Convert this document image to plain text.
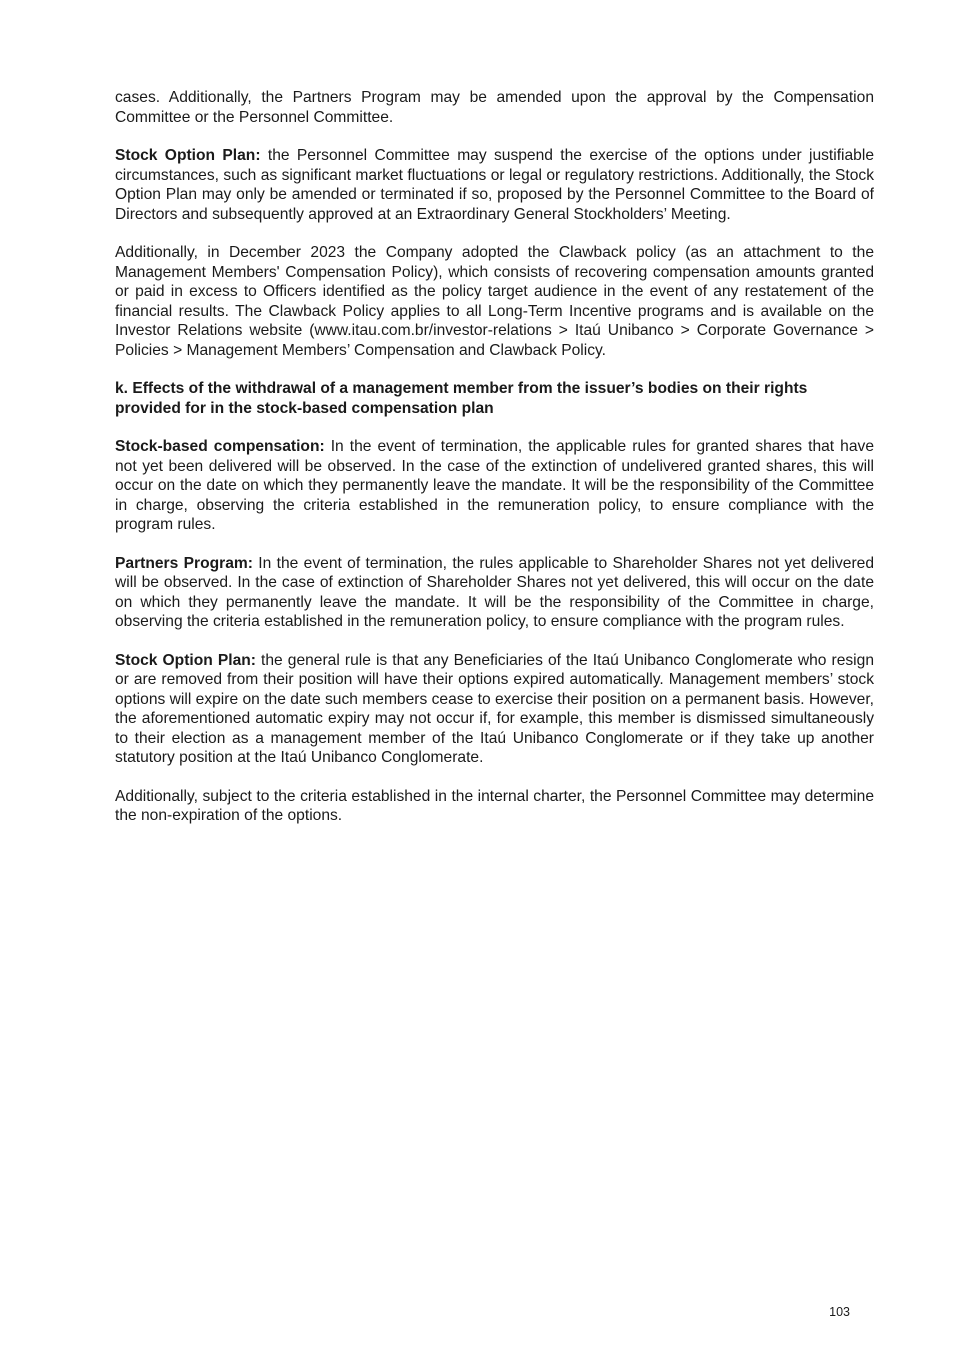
cases. Additionally, the Partners Program may be amended upon the approval by the Compensation Committee or the Personnel Committee.

Stock Option Plan: the Personnel Committee may suspend the exercise of the options under justifiable circumstances, such as significant market fluctuations or legal or regulatory restrictions. Additionally, the Stock Option Plan may only be amended or terminated if so, proposed by the Personnel Committee to the Board of Directors and subsequently approved at an Extraordinary General Stockholders’ Meeting.

Additionally, in December 2023 the Company adopted the Clawback policy (as an attachment to the Management Members' Compensation Policy), which consists of recovering compensation amounts granted or paid in excess to Officers identified as the policy target audience in the event of any restatement of the financial results. The Clawback Policy applies to all Long-Term Incentive programs and is available on the Investor Relations website (www.itau.com.br/investor-relations > Itaú Unibanco > Corporate Governance > Policies > Management Members’ Compensation and Clawback Policy.

k. Effects of the withdrawal of a management member from the issuer’s bodies on their rights provided for in the stock-based compensation plan

Stock-based compensation: In the event of termination, the applicable rules for granted shares that have not yet been delivered will be observed. In the case of the extinction of undelivered granted shares, this will occur on the date on which they permanently leave the mandate. It will be the responsibility of the Committee in charge, observing the criteria established in the remuneration policy, to ensure compliance with the program rules.

Partners Program: In the event of termination, the rules applicable to Shareholder Shares not yet delivered will be observed. In the case of extinction of Shareholder Shares not yet delivered, this will occur on the date on which they permanently leave the mandate. It will be the responsibility of the Committee in charge, observing the criteria established in the remuneration policy, to ensure compliance with the program rules.

Stock Option Plan: the general rule is that any Beneficiaries of the Itaú Unibanco Conglomerate who resign or are removed from their position will have their options expired automatically. Management members’ stock options will expire on the date such members cease to exercise their position on a permanent basis. However, the aforementioned automatic expiry may not occur if, for example, this member is dismissed simultaneously to their election as a management member of the Itaú Unibanco Conglomerate or if they take up another statutory position at the Itaú Unibanco Conglomerate.

Additionally, subject to the criteria established in the internal charter, the Personnel Committee may determine the non-expiration of the options.

103
